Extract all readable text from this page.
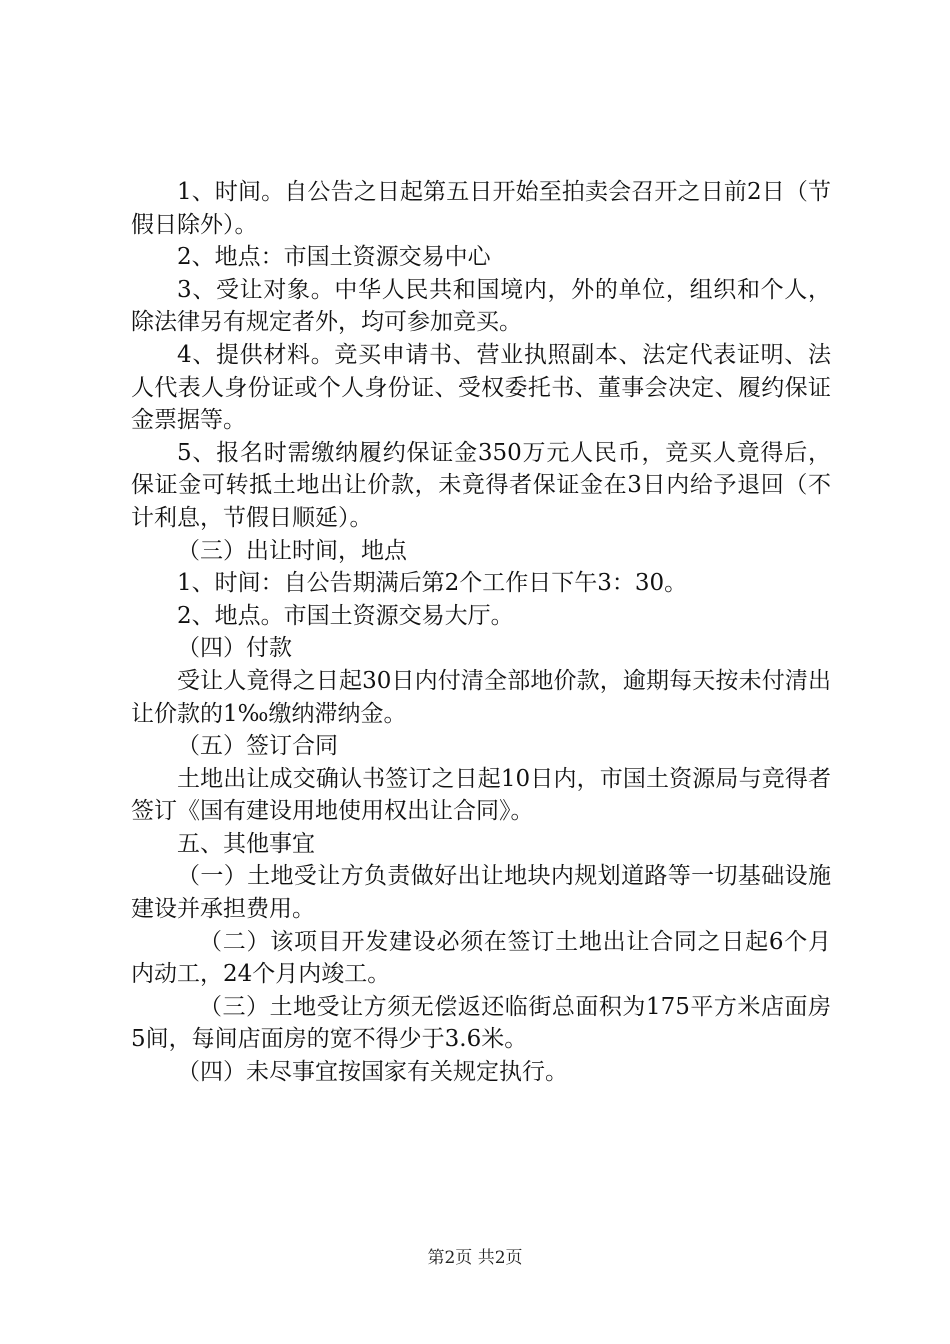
1、时间。自公告之日起第五日开始至拍卖会召开之日前2日（节假日除外）。

2、地点：市国土资源交易中心

3、受让对象。中华人民共和国境内，外的单位，组织和个人，除法律另有规定者外，均可参加竞买。

4、提供材料。竞买申请书、营业执照副本、法定代表证明、法人代表人身份证或个人身份证、受权委托书、董事会决定、履约保证金票据等。

5、报名时需缴纳履约保证金350万元人民币，竞买人竟得后，保证金可转抵土地出让价款，未竟得者保证金在3日内给予退回（不计利息，节假日顺延）。

（三）出让时间，地点

1、时间：自公告期满后第2个工作日下午3：30。

2、地点。市国土资源交易大厅。

（四）付款

受让人竟得之日起30日内付清全部地价款，逾期每天按未付清出让价款的1‰缴纳滞纳金。

（五）签订合同

土地出让成交确认书签订之日起10日内，市国土资源局与竞得者签订《国有建设用地使用权出让合同》。

五、其他事宜

（一）土地受让方负责做好出让地块内规划道路等一切基础设施建设并承担费用。

（二）该项目开发建设必须在签订土地出让合同之日起6个月内动工，24个月内竣工。

（三）土地受让方须无偿返还临街总面积为175平方米店面房5间，每间店面房的宽不得少于3.6米。

（四）未尽事宜按国家有关规定执行。

第2页 共2页
